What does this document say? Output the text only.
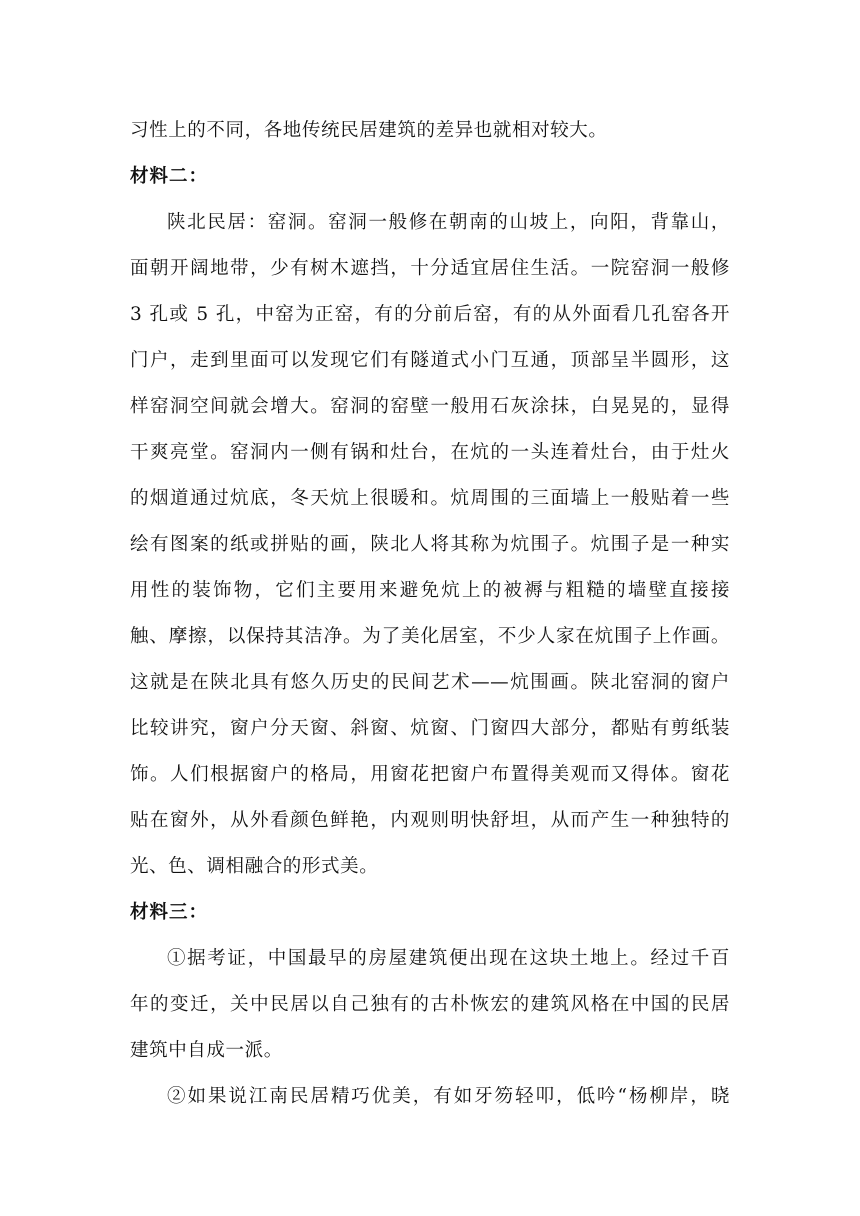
习性上的不同，各地传统民居建筑的差异也就相对较大。

材料二：

陕北民居：窑洞。窑洞一般修在朝南的山坡上，向阳，背靠山，

面朝开阔地带，少有树木遮挡，十分适宜居住生活。一院窑洞一般修

3 孔或 5 孔，中窑为正窑，有的分前后窑，有的从外面看几孔窑各开

门户，走到里面可以发现它们有隧道式小门互通，顶部呈半圆形，这

样窑洞空间就会增大。窑洞的窑壁一般用石灰涂抹，白晃晃的，显得

干爽亮堂。窑洞内一侧有锅和灶台，在炕的一头连着灶台，由于灶火

的烟道通过炕底，冬天炕上很暖和。炕周围的三面墙上一般贴着一些

绘有图案的纸或拼贴的画，陕北人将其称为炕围子。炕围子是一种实

用性的装饰物，它们主要用来避免炕上的被褥与粗糙的墙壁直接接

触、摩擦，以保持其洁净。为了美化居室，不少人家在炕围子上作画。

这就是在陕北具有悠久历史的民间艺术——炕围画。陕北窑洞的窗户

比较讲究，窗户分天窗、斜窗、炕窗、门窗四大部分，都贴有剪纸装

饰。人们根据窗户的格局，用窗花把窗户布置得美观而又得体。窗花

贴在窗外，从外看颜色鲜艳，内观则明快舒坦，从而产生一种独特的

光、色、调相融合的形式美。

材料三：

①据考证，中国最早的房屋建筑便出现在这块土地上。经过千百

年的变迁，关中民居以自己独有的古朴恢宏的建筑风格在中国的民居

建筑中自成一派。

②如果说江南民居精巧优美，有如牙笏轻叩，低吟“杨柳岸，晓
